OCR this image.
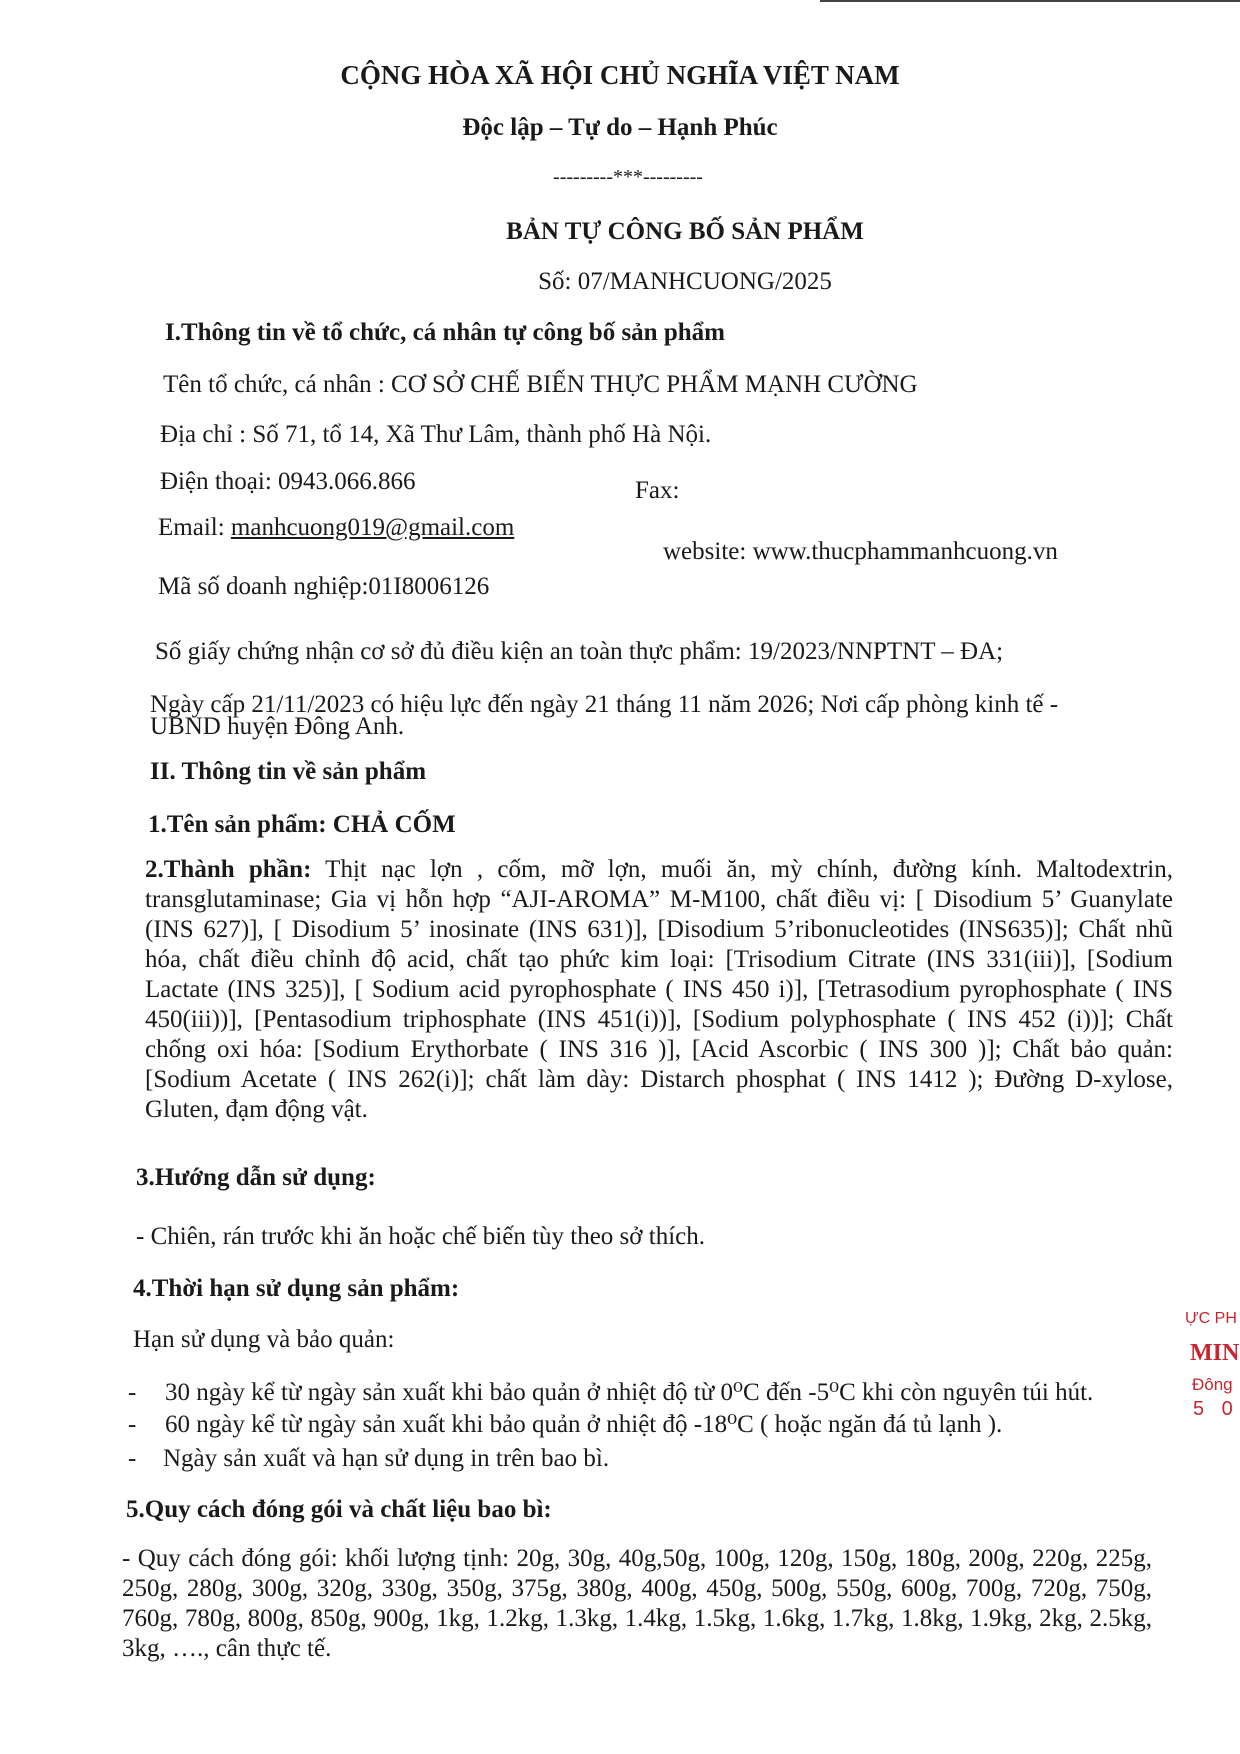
CỘNG HÒA XÃ HỘI CHỦ NGHĨA VIỆT NAM
Độc lập – Tự do – Hạnh Phúc
---------***---------
BẢN TỰ CÔNG BỐ SẢN PHẨM
Số: 07/MANHCUONG/2025
I.Thông tin về tổ chức, cá nhân tự công bố sản phẩm
Tên tổ chức, cá nhân : CƠ SỞ CHẾ BIẾN THỰC PHẨM MẠNH CƯỜNG
Địa chỉ : Số 71, tổ 14, Xã Thư Lâm, thành phố Hà Nội.
Điện thoại: 0943.066.866	Fax:
Email: manhcuong019@gmail.com
website: www.thucphammanhcuong.vn
Mã số doanh nghiệp:01I8006126
Số giấy chứng nhận cơ sở đủ điều kiện an toàn thực phẩm: 19/2023/NNPTNT – ĐA;
Ngày cấp 21/11/2023 có hiệu lực đến ngày 21 tháng 11 năm 2026; Nơi cấp phòng kinh tế -
UBND huyện Đông Anh.
II. Thông tin về sản phẩm
1.Tên sản phẩm: CHẢ CỐM
2.Thành phần: Thịt nạc lợn , cốm, mỡ lợn, muối ăn, mỳ chính, đường kính. Maltodextrin, transglutaminase; Gia vị hỗn hợp “AJI-AROMA” M-M100, chất điều vị: [ Disodium 5’ Guanylate (INS 627)], [ Disodium 5’ inosinate (INS 631)], [Disodium 5’ribonucleotides (INS635)]; Chất nhũ hóa, chất điều chỉnh độ acid, chất tạo phức kim loại: [Trisodium Citrate (INS 331(iii)], [Sodium Lactate (INS 325)], [ Sodium acid pyrophosphate ( INS 450 i)], [Tetrasodium pyrophosphate ( INS 450(iii))], [Pentasodium triphosphate (INS 451(i))], [Sodium polyphosphate ( INS 452 (i))]; Chất chống oxi hóa: [Sodium Erythorbate ( INS 316 )], [Acid Ascorbic ( INS 300 )]; Chất bảo quản: [Sodium Acetate ( INS 262(i)]; chất làm dày: Distarch phosphat ( INS 1412 ); Đường D-xylose, Gluten, đạm động vật.
3.Hướng dẫn sử dụng:
- Chiên, rán trước khi ăn hoặc chế biến tùy theo sở thích.
4.Thời hạn sử dụng sản phẩm:
Hạn sử dụng và bảo quản:
- 30 ngày kể từ ngày sản xuất khi bảo quản ở nhiệt độ từ 0⁰C đến -5⁰C khi còn nguyên túi hút.
- 60 ngày kể từ ngày sản xuất khi bảo quản ở nhiệt độ -18⁰C ( hoặc ngăn đá tủ lạnh ).
- Ngày sản xuất và hạn sử dụng in trên bao bì.
5.Quy cách đóng gói và chất liệu bao bì:
- Quy cách đóng gói: khối lượng tịnh: 20g, 30g, 40g,50g, 100g, 120g, 150g, 180g, 200g, 220g, 225g, 250g, 280g, 300g, 320g, 330g, 350g, 375g, 380g, 400g, 450g, 500g, 550g, 600g, 700g, 720g, 750g, 760g, 780g, 800g, 850g, 900g, 1kg, 1.2kg, 1.3kg, 1.4kg, 1.5kg, 1.6kg, 1.7kg, 1.8kg, 1.9kg, 2kg, 2.5kg, 3kg, …., cân thực tế.
ỰC PH
MIN
Đông
5 0
